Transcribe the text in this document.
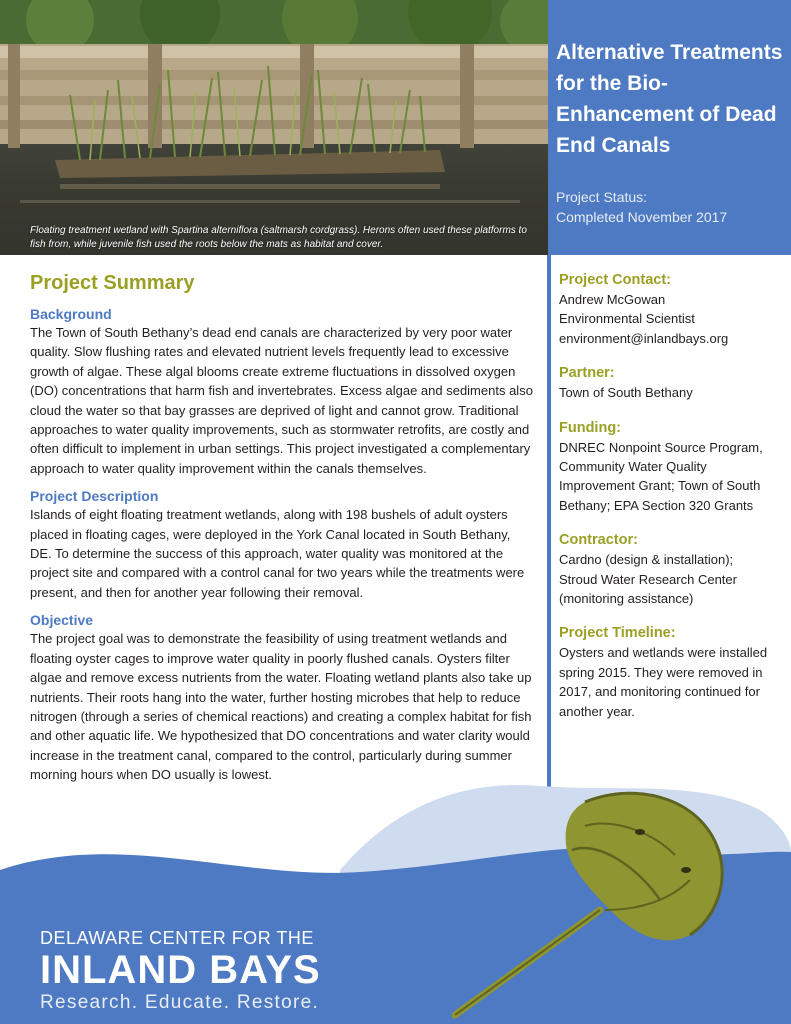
Floating treatment wetland with Spartina alterniflora (saltmarsh cordgrass). Herons often used these platforms to fish from, while juvenile fish used the roots below the mats as habitat and cover.
Alternative Treatments for the Bio-Enhancement of Dead End Canals
Project Status:
Completed November 2017
Project Summary
Background

The Town of South Bethany’s dead end canals are characterized by very poor water quality. Slow flushing rates and elevated nutrient levels frequently lead to excessive growth of algae. These algal blooms create extreme fluctuations in dissolved oxygen (DO) concentrations that harm fish and invertebrates. Excess algae and sediments also cloud the water so that bay grasses are deprived of light and cannot grow. Traditional approaches to water quality improvements, such as stormwater retrofits, are costly and often difficult to implement in urban settings. This project investigated a complementary approach to water quality improvement within the canals themselves.

Project Description

Islands of eight floating treatment wetlands, along with 198 bushels of adult oysters placed in floating cages, were deployed in the York Canal located in South Bethany, DE. To determine the success of this approach, water quality was monitored at the project site and compared with a control canal for two years while the treatments were present, and then for another year following their removal.

Objective

The project goal was to demonstrate the feasibility of using treatment wetlands and floating oyster cages to improve water quality in poorly flushed canals. Oysters filter algae and remove excess nutrients from the water. Floating wetland plants also take up nutrients. Their roots hang into the water, further hosting microbes that help to reduce nitrogen (through a series of chemical reactions) and creating a complex habitat for fish and other aquatic life. We hypothesized that DO concentrations and water clarity would increase in the treatment canal, compared to the control, particularly during summer morning hours when DO usually is lowest.

Project Contact:
Andrew McGowan
Environmental Scientist
environment@inlandbays.org
Partner:
Town of South Bethany
Funding:
DNREC Nonpoint Source Program, Community Water Quality Improvement Grant; Town of South Bethany; EPA Section 320 Grants
Contractor:
Cardno (design & installation); Stroud Water Research Center (monitoring assistance)
Project Timeline:
Oysters and wetlands were installed spring 2015. They were removed in 2017, and monitoring continued for another year.
DELAWARE CENTER FOR THE
INLAND BAYS
Research. Educate. Restore.
